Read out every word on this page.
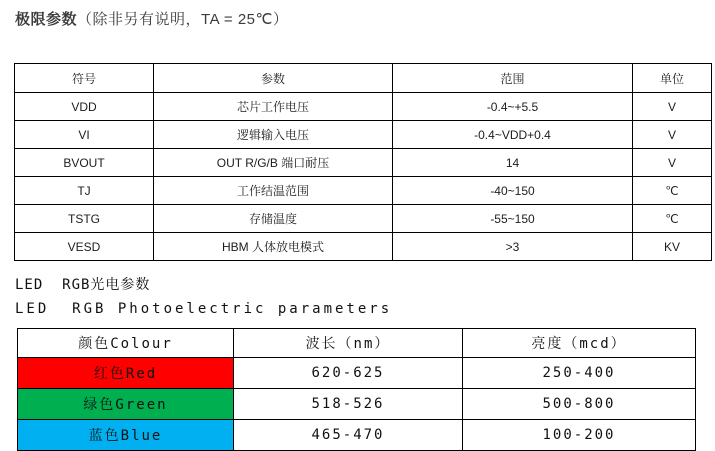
极限参数（除非另有说明，TA = 25℃）
符号	参数	范围	单位
VDD	芯片工作电压	-0.4~+5.5	V
VI	逻辑输入电压	-0.4~VDD+0.4	V
BVOUT	OUT R/G/B 端口耐压	14	V
TJ	工作结温范围	-40~150	℃
TSTG	存储温度	-55~150	℃
VESD	HBM 人体放电模式	>3	KV

LED  RGB光电参数

LED  RGB Photoelectric parameters

颜色Colour	波长（nm）	亮度（mcd）
红色Red	620-625	250-400
绿色Green	518-526	500-800
蓝色Blue	465-470	100-200
